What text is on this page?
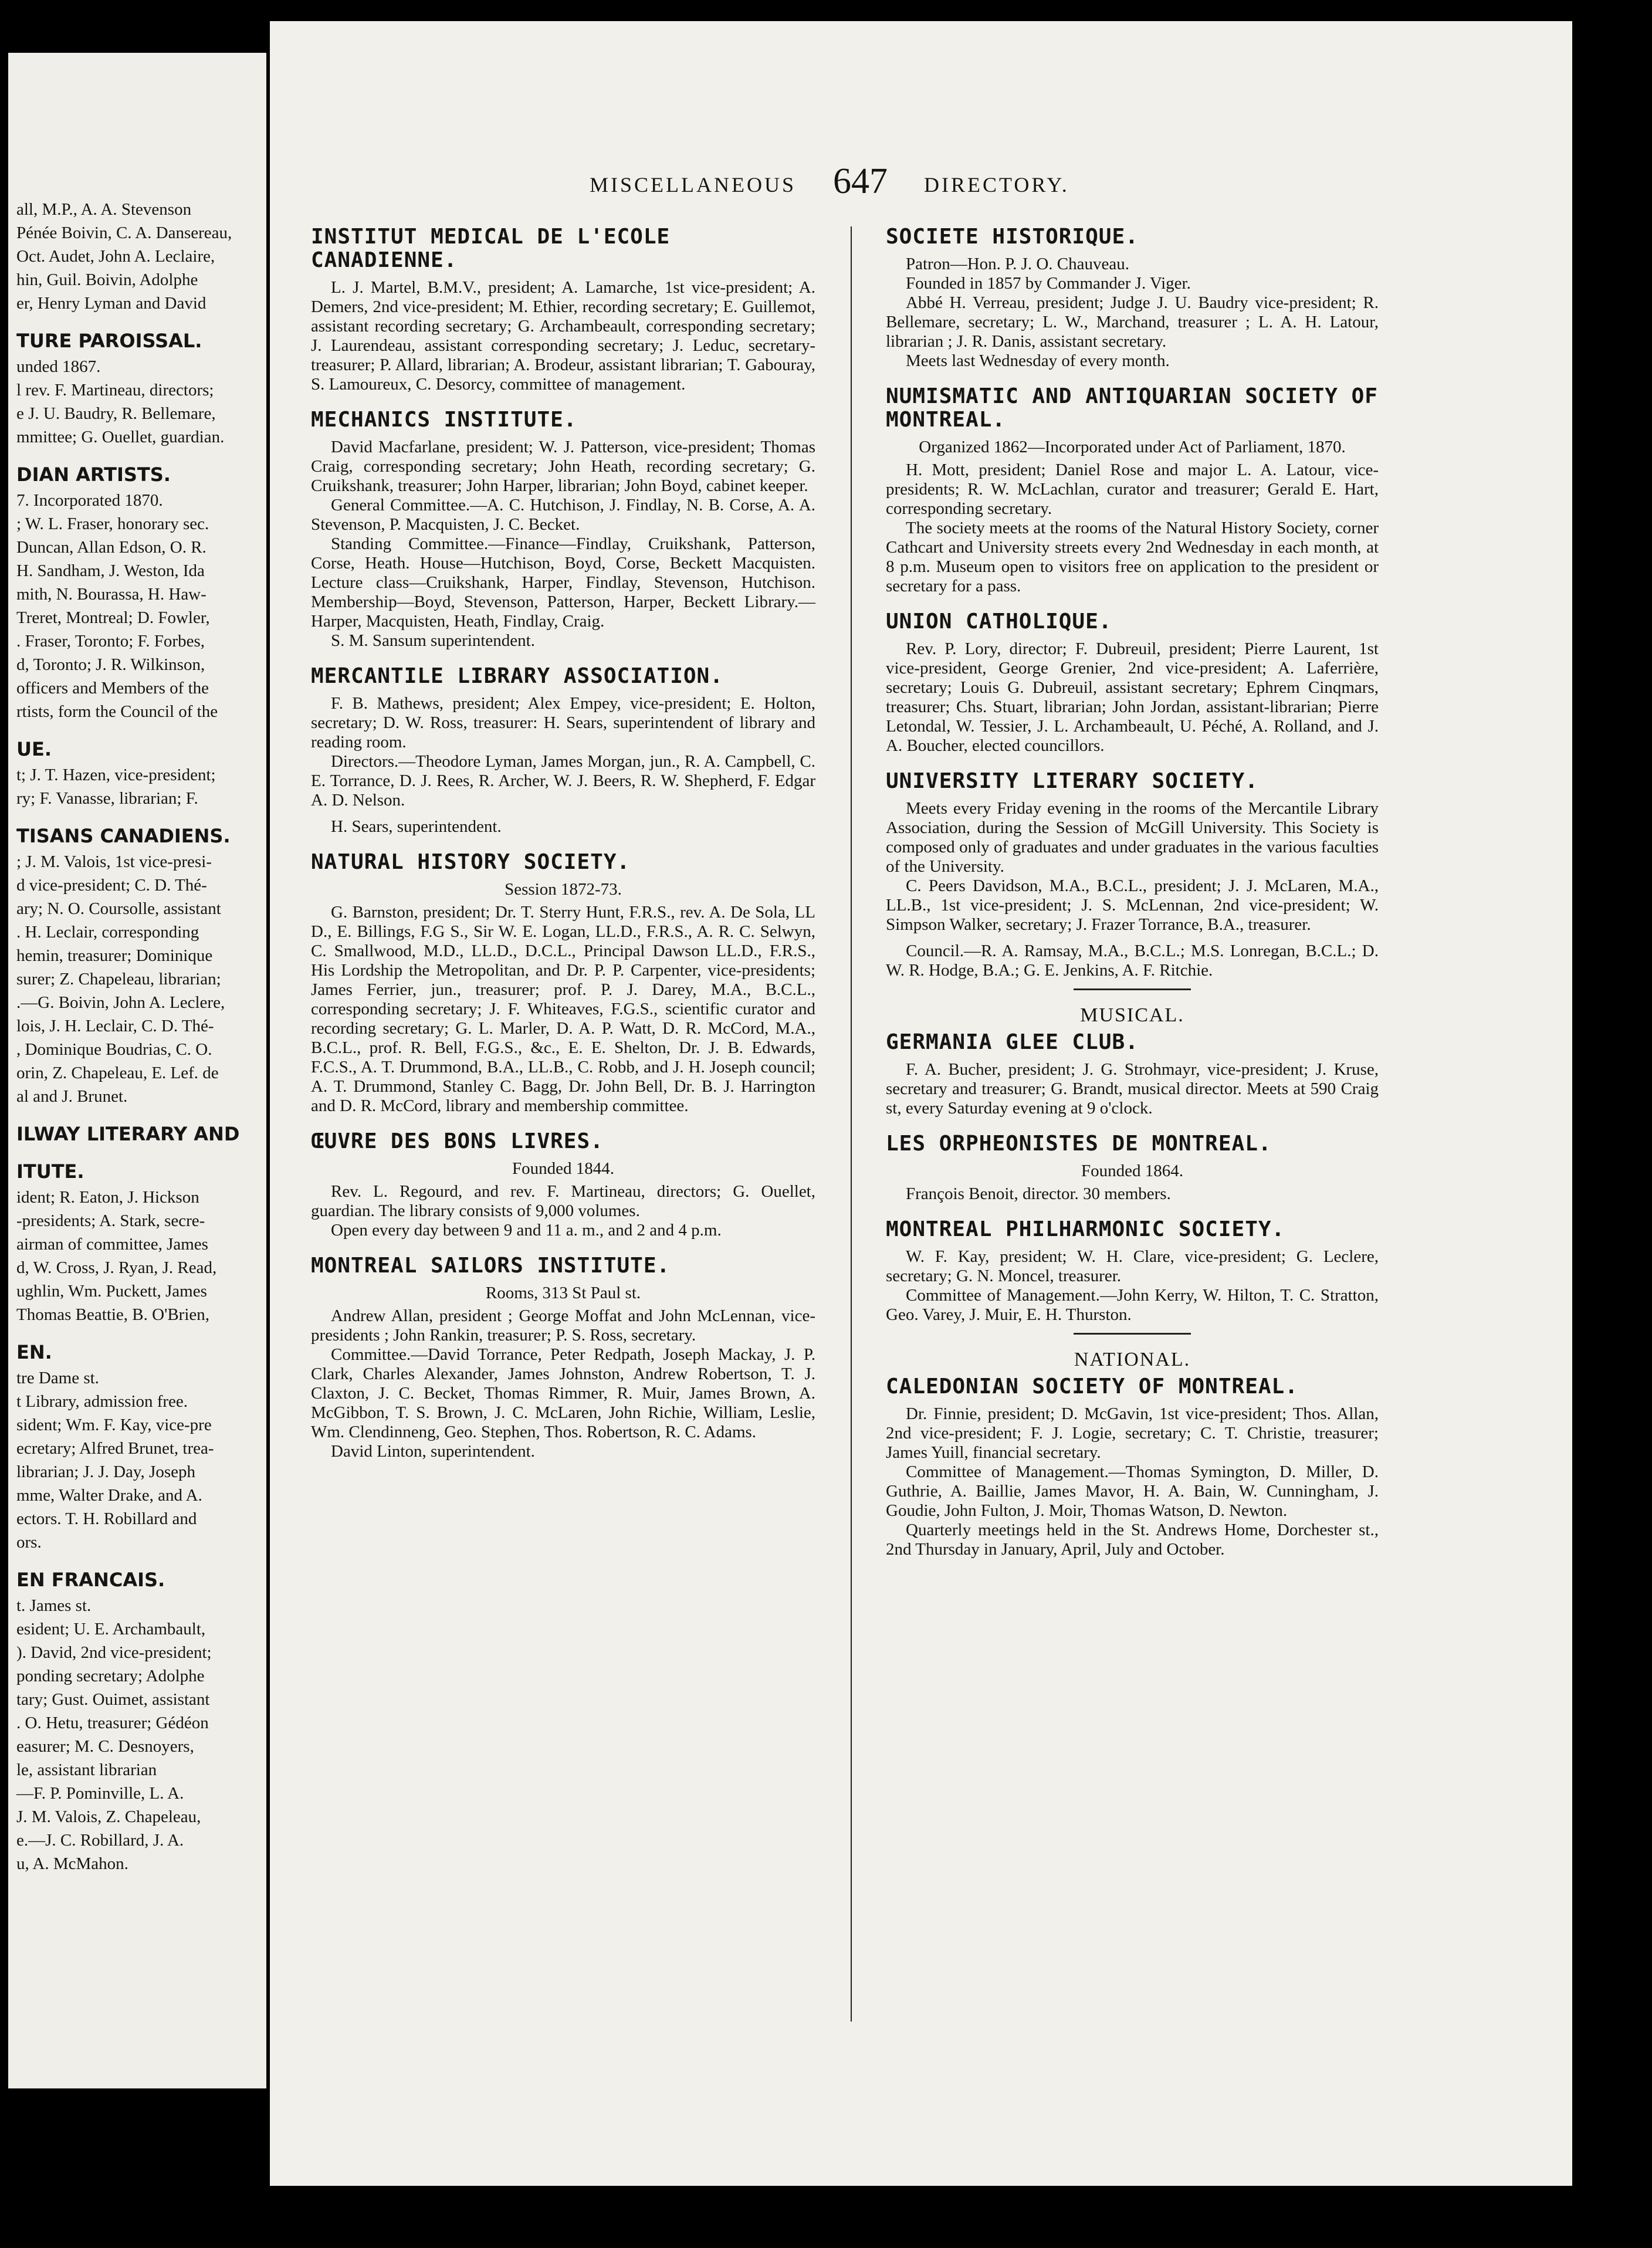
all, M.P., A. A. Stevenson

Pénée Boivin, C. A. Dansereau,

Oct. Audet, John A. Leclaire,

hin, Guil. Boivin, Adolphe

er, Henry Lyman and David

TURE PAROISSAL.

unded 1867.

l rev. F. Martineau, directors;

e J. U. Baudry, R. Bellemare,

mmittee; G. Ouellet, guardian.

DIAN ARTISTS.

7. Incorporated 1870.

; W. L. Fraser, honorary sec.

Duncan, Allan Edson, O. R.

H. Sandham, J. Weston, Ida

mith, N. Bourassa, H. Haw-

Treret, Montreal; D. Fowler,

. Fraser, Toronto; F. Forbes,

d, Toronto; J. R. Wilkinson,

officers and Members of the

rtists, form the Council of the

UE.

t; J. T. Hazen, vice-president;

ry; F. Vanasse, librarian; F.

TISANS CANADIENS.

; J. M. Valois, 1st vice-presi-

d vice-president; C. D. Thé-

ary; N. O. Coursolle, assistant

. H. Leclair, corresponding

hemin, treasurer; Dominique

surer; Z. Chapeleau, librarian;

.—G. Boivin, John A. Leclere,

lois, J. H. Leclair, C. D. Thé-

, Dominique Boudrias, C. O.

orin, Z. Chapeleau, E. Lef. de

al and J. Brunet.

ILWAY LITERARY AND

ITUTE.

ident; R. Eaton, J. Hickson

-presidents; A. Stark, secre-

airman of committee, James

d, W. Cross, J. Ryan, J. Read,

ughlin, Wm. Puckett, James

Thomas Beattie, B. O'Brien,

EN.

tre Dame st.

t Library, admission free.

sident; Wm. F. Kay, vice-pre

ecretary; Alfred Brunet, trea-

librarian; J. J. Day, Joseph

mme, Walter Drake, and A.

ectors. T. H. Robillard and

ors.

EN FRANCAIS.

t. James st.

esident; U. E. Archambault,

). David, 2nd vice-president;

ponding secretary; Adolphe

tary; Gust. Ouimet, assistant

. O. Hetu, treasurer; Gédéon

easurer; M. C. Desnoyers,

le, assistant librarian

—F. P. Pominville, L. A.

J. M. Valois, Z. Chapeleau,

e.—J. C. Robillard, J. A.

u, A. McMahon.

MISCELLANEOUS 647 DIRECTORY.
INSTITUT MEDICAL DE L'ECOLE CANADIENNE.

L. J. Martel, B.M.V., president; A. Lamarche, 1st vice-president; A. Demers, 2nd vice-president; M. Ethier, recording secretary; E. Guillemot, assistant recording secretary; G. Archambeault, corresponding secretary; J. Laurendeau, assistant corresponding secretary; J. Leduc, secretary-treasurer; P. Allard, librarian; A. Brodeur, assistant librarian; T. Gabouray, S. Lamoureux, C. Desorcy, committee of management.

MECHANICS INSTITUTE.

David Macfarlane, president; W. J. Patterson, vice-president; Thomas Craig, corresponding secretary; John Heath, recording secretary; G. Cruikshank, treasurer; John Harper, librarian; John Boyd, cabinet keeper.

General Committee.—A. C. Hutchison, J. Findlay, N. B. Corse, A. A. Stevenson, P. Macquisten, J. C. Becket.

Standing Committee.—Finance—Findlay, Cruikshank, Patterson, Corse, Heath. House—Hutchison, Boyd, Corse, Beckett Macquisten. Lecture class—Cruikshank, Harper, Findlay, Stevenson, Hutchison. Membership—Boyd, Stevenson, Patterson, Harper, Beckett Library.—Harper, Macquisten, Heath, Findlay, Craig.

S. M. Sansum superintendent.

MERCANTILE LIBRARY ASSOCIATION.

F. B. Mathews, president; Alex Empey, vice-president; E. Holton, secretary; D. W. Ross, treasurer: H. Sears, superintendent of library and reading room.

Directors.—Theodore Lyman, James Morgan, jun., R. A. Campbell, C. E. Torrance, D. J. Rees, R. Archer, W. J. Beers, R. W. Shepherd, F. Edgar A. D. Nelson.

H. Sears, superintendent.

NATURAL HISTORY SOCIETY.

Session 1872-73.

G. Barnston, president; Dr. T. Sterry Hunt, F.R.S., rev. A. De Sola, LL D., E. Billings, F.G S., Sir W. E. Logan, LL.D., F.R.S., A. R. C. Selwyn, C. Smallwood, M.D., LL.D., D.C.L., Principal Dawson LL.D., F.R.S., His Lordship the Metropolitan, and Dr. P. P. Carpenter, vice-presidents; James Ferrier, jun., treasurer; prof. P. J. Darey, M.A., B.C.L., corresponding secretary; J. F. Whiteaves, F.G.S., scientific curator and recording secretary; G. L. Marler, D. A. P. Watt, D. R. McCord, M.A., B.C.L., prof. R. Bell, F.G.S., &c., E. E. Shelton, Dr. J. B. Edwards, F.C.S., A. T. Drummond, B.A., LL.B., C. Robb, and J. H. Joseph council; A. T. Drummond, Stanley C. Bagg, Dr. John Bell, Dr. B. J. Harrington and D. R. McCord, library and membership committee.

ŒUVRE DES BONS LIVRES.

Founded 1844.

Rev. L. Regourd, and rev. F. Martineau, directors; G. Ouellet, guardian. The library consists of 9,000 volumes.

Open every day between 9 and 11 a. m., and 2 and 4 p.m.

MONTREAL SAILORS INSTITUTE.

Rooms, 313 St Paul st.

Andrew Allan, president ; George Moffat and John McLennan, vice-presidents ; John Rankin, treasurer; P. S. Ross, secretary.

Committee.—David Torrance, Peter Redpath, Joseph Mackay, J. P. Clark, Charles Alexander, James Johnston, Andrew Robertson, T. J. Claxton, J. C. Becket, Thomas Rimmer, R. Muir, James Brown, A. McGibbon, T. S. Brown, J. C. McLaren, John Richie, William, Leslie, Wm. Clendinneng, Geo. Stephen, Thos. Robertson, R. C. Adams.

David Linton, superintendent.

SOCIETE HISTORIQUE.

Patron—Hon. P. J. O. Chauveau.

Founded in 1857 by Commander J. Viger.

Abbé H. Verreau, president; Judge J. U. Baudry vice-president; R. Bellemare, secretary; L. W., Marchand, treasurer ; L. A. H. Latour, librarian ; J. R. Danis, assistant secretary.

Meets last Wednesday of every month.

NUMISMATIC AND ANTIQUARIAN SOCIETY OF MONTREAL.

Organized 1862—Incorporated under Act of Parliament, 1870.

H. Mott, president; Daniel Rose and major L. A. Latour, vice-presidents; R. W. McLachlan, curator and treasurer; Gerald E. Hart, corresponding secretary.

The society meets at the rooms of the Natural History Society, corner Cathcart and University streets every 2nd Wednesday in each month, at 8 p.m. Museum open to visitors free on application to the president or secretary for a pass.

UNION CATHOLIQUE.

Rev. P. Lory, director; F. Dubreuil, president; Pierre Laurent, 1st vice-president, George Grenier, 2nd vice-president; A. Laferrière, secretary; Louis G. Dubreuil, assistant secretary; Ephrem Cinqmars, treasurer; Chs. Stuart, librarian; John Jordan, assistant-librarian; Pierre Letondal, W. Tessier, J. L. Archambeault, U. Péché, A. Rolland, and J. A. Boucher, elected councillors.

UNIVERSITY LITERARY SOCIETY.

Meets every Friday evening in the rooms of the Mercantile Library Association, during the Session of McGill University. This Society is composed only of graduates and under graduates in the various faculties of the University.

C. Peers Davidson, M.A., B.C.L., president; J. J. McLaren, M.A., LL.B., 1st vice-president; J. S. McLennan, 2nd vice-president; W. Simpson Walker, secretary; J. Frazer Torrance, B.A., treasurer.

Council.—R. A. Ramsay, M.A., B.C.L.; M.S. Lonregan, B.C.L.; D. W. R. Hodge, B.A.; G. E. Jenkins, A. F. Ritchie.

MUSICAL.
GERMANIA GLEE CLUB.

F. A. Bucher, president; J. G. Strohmayr, vice-president; J. Kruse, secretary and treasurer; G. Brandt, musical director. Meets at 590 Craig st, every Saturday evening at 9 o'clock.

LES ORPHEONISTES DE MONTREAL.

Founded 1864.

François Benoit, director. 30 members.

MONTREAL PHILHARMONIC SOCIETY.

W. F. Kay, president; W. H. Clare, vice-president; G. Leclere, secretary; G. N. Moncel, treasurer.

Committee of Management.—John Kerry, W. Hilton, T. C. Stratton, Geo. Varey, J. Muir, E. H. Thurston.

NATIONAL.
CALEDONIAN SOCIETY OF MONTREAL.

Dr. Finnie, president; D. McGavin, 1st vice-president; Thos. Allan, 2nd vice-president; F. J. Logie, secretary; C. T. Christie, treasurer; James Yuill, financial secretary.

Committee of Management.—Thomas Symington, D. Miller, D. Guthrie, A. Baillie, James Mavor, H. A. Bain, W. Cunningham, J. Goudie, John Fulton, J. Moir, Thomas Watson, D. Newton.

Quarterly meetings held in the St. Andrews Home, Dorchester st., 2nd Thursday in January, April, July and October.
